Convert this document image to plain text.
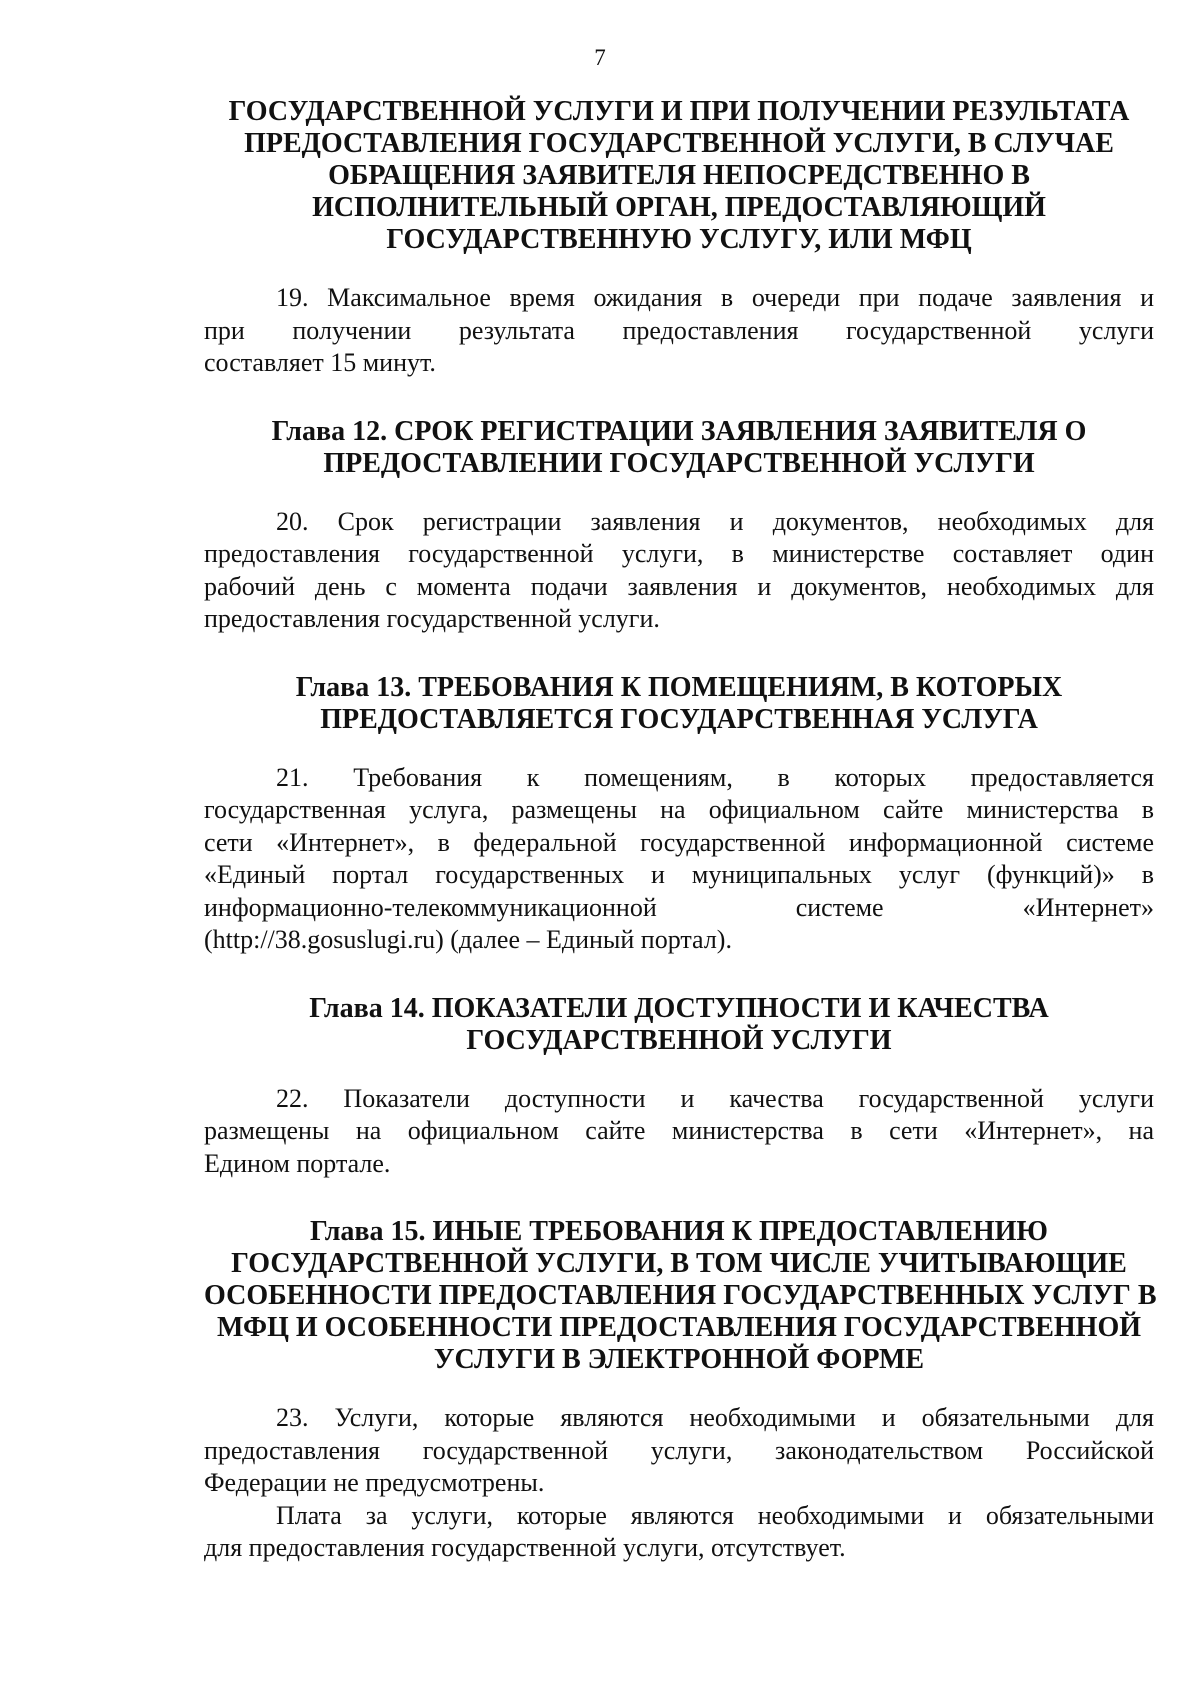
7
ГОСУДАРСТВЕННОЙ УСЛУГИ И ПРИ ПОЛУЧЕНИИ РЕЗУЛЬТАТА
ПРЕДОСТАВЛЕНИЯ ГОСУДАРСТВЕННОЙ УСЛУГИ, В СЛУЧАЕ
ОБРАЩЕНИЯ ЗАЯВИТЕЛЯ НЕПОСРЕДСТВЕННО В
ИСПОЛНИТЕЛЬНЫЙ ОРГАН, ПРЕДОСТАВЛЯЮЩИЙ
ГОСУДАРСТВЕННУЮ УСЛУГУ, ИЛИ МФЦ

19. Максимальное время ожидания в очереди при подаче заявления и
при получении результата предоставления государственной услуги
составляет 15 минут.

Глава 12. СРОК РЕГИСТРАЦИИ ЗАЯВЛЕНИЯ ЗАЯВИТЕЛЯ О
ПРЕДОСТАВЛЕНИИ ГОСУДАРСТВЕННОЙ УСЛУГИ

20. Срок регистрации заявления и документов, необходимых для
предоставления государственной услуги, в министерстве составляет один
рабочий день с момента подачи заявления и документов, необходимых для
предоставления государственной услуги.

Глава 13. ТРЕБОВАНИЯ К ПОМЕЩЕНИЯМ, В КОТОРЫХ
ПРЕДОСТАВЛЯЕТСЯ ГОСУДАРСТВЕННАЯ УСЛУГА

21. Требования к помещениям, в которых предоставляется
государственная услуга, размещены на официальном сайте министерства в
сети «Интернет», в федеральной государственной информационной системе
«Единый портал государственных и муниципальных услуг (функций)» в
информационно-телекоммуникационной системе «Интернет»
(http://38.gosuslugi.ru) (далее – Единый портал).

Глава 14. ПОКАЗАТЕЛИ ДОСТУПНОСТИ И КАЧЕСТВА
ГОСУДАРСТВЕННОЙ УСЛУГИ

22. Показатели доступности и качества государственной услуги
размещены на официальном сайте министерства в сети «Интернет», на
Едином портале.

Глава 15. ИНЫЕ ТРЕБОВАНИЯ К ПРЕДОСТАВЛЕНИЮ
ГОСУДАРСТВЕННОЙ УСЛУГИ, В ТОМ ЧИСЛЕ УЧИТЫВАЮЩИЕ
ОСОБЕННОСТИ ПРЕДОСТАВЛЕНИЯ ГОСУДАРСТВЕННЫХ УСЛУГ В
МФЦ И ОСОБЕННОСТИ ПРЕДОСТАВЛЕНИЯ ГОСУДАРСТВЕННОЙ
УСЛУГИ В ЭЛЕКТРОННОЙ ФОРМЕ

23. Услуги, которые являются необходимыми и обязательными для
предоставления государственной услуги, законодательством Российской
Федерации не предусмотрены.

Плата за услуги, которые являются необходимыми и обязательными
для предоставления государственной услуги, отсутствует.
